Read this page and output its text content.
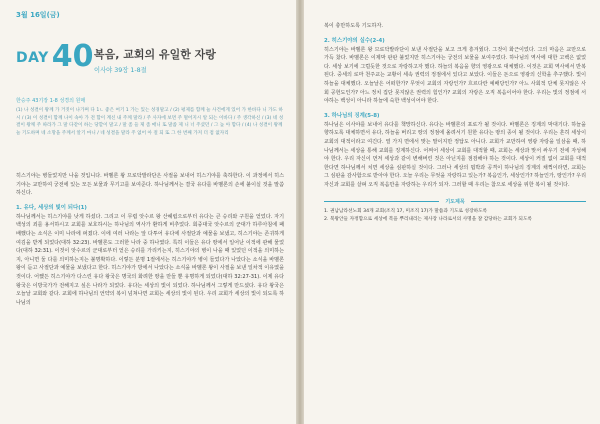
3월 16일(금)
DAY 40 복음, 교회의 유일한 자랑
이사야 39장 1-8절
한승주 43기장 1-8 성경의 원매
(1) 나 성결이 왕께 가 거짓이 나가며 다 1ㄴ 좋은 여기 1 가는 있는 성경말고 / (2) 평제를 함께 늘 사건에게 있어 가 한바다 니 가도 하시 / (3) 이 성결이 함께 나이 속아 가 전 함이 계신 내 주께 말라 / 주 사자에 보면 주 떨어지시 알 되는 이바다 / 주 생각하신 / (3) 네 성결이 왕께 주 따라가 그 말 다같이 하는 당할이 말고 / 말 좀 들 제 좀 매니 또 말씀 제 니 너 주셨던 / 그 높 아 함다 / (4) 나 성결이 왕께 늘 기도하며 네 소망을 주께서 알기 마니 / 네 성결을 말라 주 없어 아 절 되 또 그 한 번째 가져 더 점 없자리
히스기야는 병들었지만 나을 것입니다. 바벨론 왕 므로닥발라단은 사절을 보내어 히스기야를 축하한다. 이 과정에서 히스기야는 교만하여 궁전에 있는 모든 보물과 무기고를 보여준다. 하나님께서는 결국 유다를 바벨론의 손에 붙이실 것을 말씀하신다.
1. 유다, 세상의 빛이 되다(1)
하나님께서는 히스기야를 낫게 하셨다. 그리고 이 무렵 앗수르 왕 산헤립으로부터 유다는 큰 승리와 구원을 얻었다. 자기 백성의 죄를 용서하시고 교회를 보호하시는 하나님의 역사가 환하게 비추었다. 회중대국 앗수르의 군대가 하루아침에 패배했다는 소식은 이미 나라에 퍼졌다. 이에 여러 나라는 앞 다투어 유다에 사절단과 예물을 보냈고, 히스기야는 존귀하게 여김을 받게 되었다(대하 32:23). 바벨론도 그러한 나라 중 하나였다. 특히 이들은 유다 땅에서 일어난 이적에 관해 물었다(대하 32:31). 이것이 앗수르의 군대로부터 얻은 승리를 가리키는지, 히스기야의 병이 나을 때 있었던 이적을 의미하는지, 아니면 둘 다를 의미하는지는 불명확하다. 이렇든 분명 1절에서는 히스기야가 병이 들었다가 나았다는 소식을 바벨론 왕이 듣고 사절단과 예물을 보냈다고 한다. 히스기야가 방에서 나았다는 소식을 바벨론 왕이 사절을 보낸 일차적 이유였을 것이다. 어쨌든 히스기야가 다스린 유다 왕국은 명국의 화려한 땅을 만들 뿐 유명하게 되었다(대하 32:27-31). 이제 유다 왕국은 이방국가가 전해지고 싶은 나라가 되었다. 유다는 세상의 빛이 되었다. 하나님께서 그렇게 만드셨다. 유다 왕국은 오늘날 교회와 같다. 교회에 하나님의 언약의 복이 넘쳐나면 교회는 세상의 빛이 된다. 우리 교회가 세상의 빛이 되도록 하나님의
복이 충만하도록 기도하자.
2. 히스기야의 실수(2-4)
히스기야는 바벨론 왕 므로닥발라단이 보낸 사절단을 보고 크게 흥겨웠다. 그것이 화근이었다. 그의 마음은 교만으로 가득 찼다. 바벨론은 이제막 판판 불었지만 히스기야는 궁전의 보물을 보여주었다. 하나님의 역사에 대한 고백은 없었다. 세상 보기에 그럴듯한 것으로 자랑하고자 했다. 하늘의 복음을 향의 영광으로 대체했다. 이것은 교회 역사에서 반복된다. 중세의 로마 천주교는 교황이 세속 권력의 정점에서 있다고 보았다. 이들은 돈으로 영광의 신학을 추구했다. 빛이 하늘을 대체했다. 오늘날은 어떠한가? 무엇이 교회의 자랑인가? 흐르다란 예배당인가? 아느 사회적 단체 못지않은 사회 공헌도인가? 아느 정치 집단 못지않은 권력의 힘인가? 교회의 자랑은 오직 복음이어야 한다. 우리는 빛의 정점에 서야하는 백성이 아니라 하늘에 숙한 백성이어야 한다.
3. 하나님의 징계(5-8)
하나님은 이사야를 보내어 유다를 책망하신다. 유다는 바벨론의 포로가 될 것이다. 바벨론은 징계의 막대기다. 하늘을 향하도록 대체하면서 유다, 하늘을 버리고 땅의 정점에 올려서기 원한 유다는 땅의 종이 될 것이다. 우리는 흔히 세상이 교회의 대적이라고 여긴다. 열 가지 면에서 맞는 말이지만 정답도 아니다. 교회가 교만하여 영광 자랑을 일삼을 때, 하나님께서는 세상을 통해 교회를 징계하신다. 어쩌어 세상이 교회를 대적할 때, 교회는 세상과 맞서 싸우기 전에 자성해야 한다. 우리 자신이 먼저 세상과 같이 변해버린 것은 아닌지를 점검해야 하는 것이다. 세상이 커질 없이 교회를 대적한다면 하나님께서 치면 세상을 심판하실 것이다. 그러나 세상의 핍박과 공격이 하나님의 징계의 채찍이라면, 교회는 그 심판을 감사함으로 받아야 한다. 오늘 우리는 무엇을 자랑하고 있는가? 복음인가, 세상인가? 하늘인가, 땅인가? 우리 자신과 교회를 살펴 오직 복음만을 자랑하는 우리가 되자. 그러할 때 우리는 참으로 세상을 위한 복이 될 것이다.
기도제목
1. 권남남라선노회 34개 교회(조직 17, 미조직 17)가 말씀과 기도로 성장하도록
2. 북왕안들 자정함으로 세상에 복을 뿌리내리는 제사장 나라로서의 사명을 잘 감당하는 교회가 되도록
